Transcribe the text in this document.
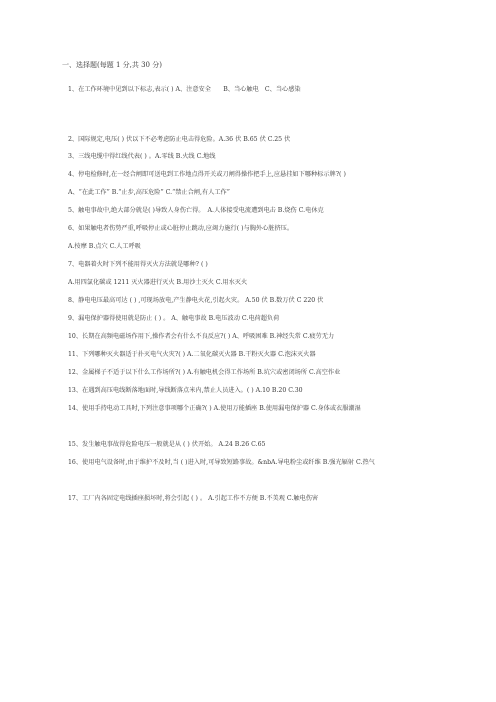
一、选择题(每题 1 分,共 30 分)
1、在工作环境中见到以下标志,表示( ) A、注意安全　　B、当心触电　C、当心感染
2、国际规定,电压( ) 伏以下不必考虑防止电击得危险。A.36 伏 B.65 伏 C.25 伏
3、三线电缆中得红线代表( ) 。A.零线 B.火线 C.地线
4、停电检修时,在一经合闸即可送电到工作地点得开关或刀闸得操作把手上,应悬挂如下哪种标示牌?( )
A、“在此工作” B.“止步,高压危险” C.“禁止合闸,有人工作”
5、触电事故中,绝大部分就是( )导致人身伤亡得。　A.人体接受电流遭到电击 B.烧伤 C.电休克
6、如果触电者伤势严重,呼吸停止或心脏停止跳动,应竭力施行( )与胸外心脏挤压。
A.按摩 B.点穴 C.人工呼吸
7、电器着火时下列不能用得灭火方法就是哪种? ( )
A.用四氯化碳或 1211 灭火器进行灭火 B.用沙土灭火 C.用水灭火
8、静电电压最高可达 ( ) ,可现场放电,产生静电火花,引起火灾。 A.50 伏 B.数万伏 C 220 伏
9、漏电保护器得使用就是防止 ( ) 。 A、触电事故 B.电压波动 C.电荷超负荷
10、长期在高频电磁场作用下,操作者会有什么不良反应?( ) A、呼吸困难 B.神经失常 C.疲劳无力
11、下列哪种灭火器适于扑灭电气火灾?( ) A.二氧化碳灭火器 B.干粉灭火器 C.泡沫灭火器
12、金属梯子不适于以下什么工作场所?( ) A.有触电机会得工作场所 B.坑穴或密闭场所 C.高空作业
13、在遇到高压电线断落地面时,导线断落点米内,禁止人员进入。( ) A.10 B.20 C.30
14、使用手持电动工具时,下列注意事项哪个正确?( ) A.使用万能插座 B.使用漏电保护器 C.身体或衣服潮湿
15、发生触电事故得危险电压一般就是从 ( ) 伏开始。 A.24 B.26 C.65
16、使用电气设备时,由于维护不及时,当 ( )进入时,可导致短路事故。&nbA.导电粉尘或纤维 B.强光辐射 C.热气
17、工厂内各固定电线插座损坏时,将会引起 ( ) 。 A.引起工作不方便 B.不美观 C.触电伤害
